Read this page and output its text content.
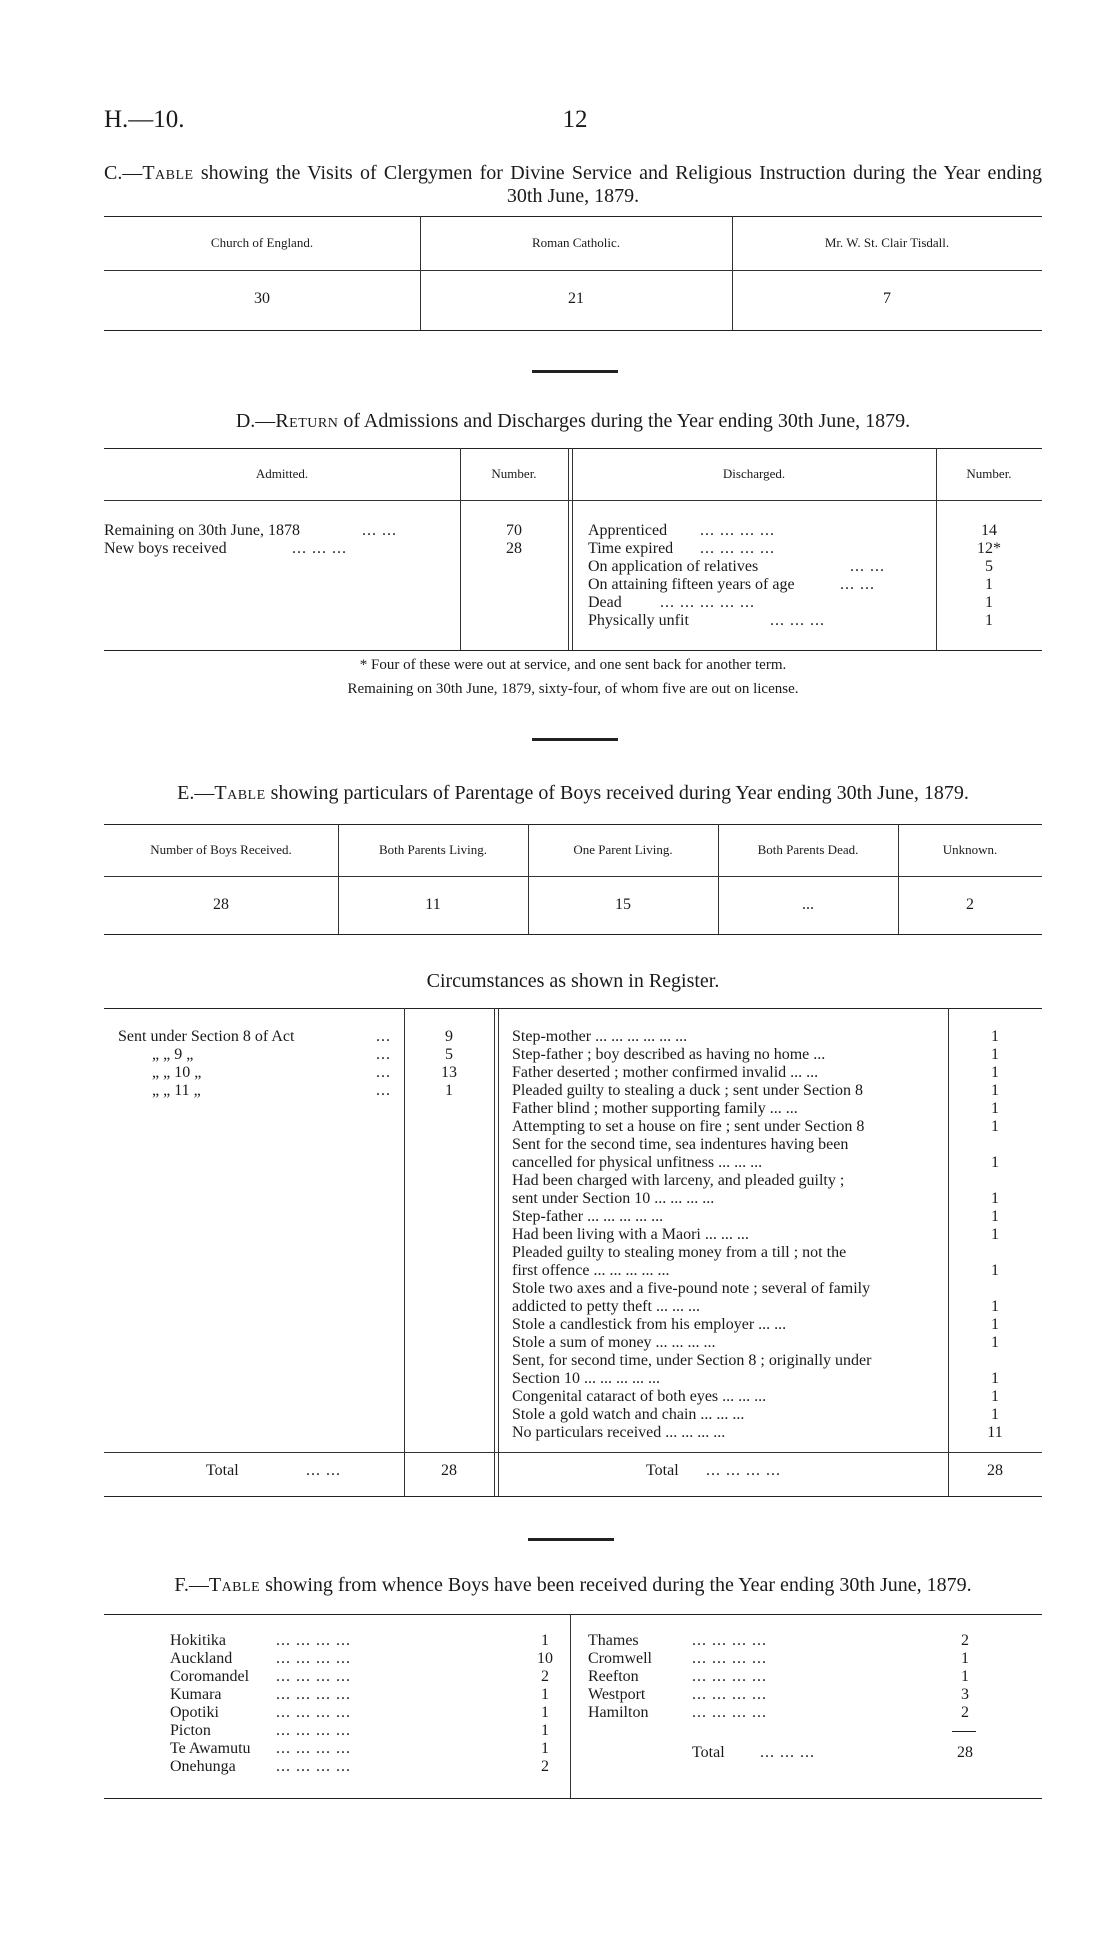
H.—10.	12
C.—Table showing the Visits of Clergymen for Divine Service and Religious Instruction during the Year ending 30th June, 1879.
Church of England.	Roman Catholic.	Mr. W. St. Clair Tisdall.
30	21	7
D.—Return of Admissions and Discharges during the Year ending 30th June, 1879.
Admitted.	Number.	Discharged.	Number.
Remaining on 30th June, 1878	... ...	70
New boys received	... ... ...	28
Apprenticed ... ... ... ...	14
Time expired ... ... ... ...	12*
On application of relatives	... ...	5
On attaining fifteen years of age	... ...	1
Dead ... ... ... ... ...	1
Physically unfit	... ... ...	1
* Four of these were out at service, and one sent back for another term.
Remaining on 30th June, 1879, sixty-four, of whom five are out on license.
E.—Table showing particulars of Parentage of Boys received during Year ending 30th June, 1879.
Number of Boys Received.	Both Parents Living.	One Parent Living.	Both Parents Dead.	Unknown.
28	11	15	...	2
Circumstances as shown in Register.
Sent under Section 8 of Act	...	9
„ „ 9 „	...	5
„ „ 10 „	...	13
„ „ 11 „	...	1
Total	... ...	28
Step-mother ... ... ... ... ... ...	1
Step-father ; boy described as having no home ...	1
Father deserted ; mother confirmed invalid ... ...	1
Pleaded guilty to stealing a duck ; sent under Section 8	1
Father blind ; mother supporting family ... ...	1
Attempting to set a house on fire ; sent under Section 8	1
Sent for the second time, sea indentures having been
cancelled for physical unfitness ... ... ...	1
Had been charged with larceny, and pleaded guilty ;
sent under Section 10 ... ... ... ...	1
Step-father ... ... ... ... ...	1
Had been living with a Maori ... ... ...	1
Pleaded guilty to stealing money from a till ; not the
first offence ... ... ... ... ...	1
Stole two axes and a five-pound note ; several of family
addicted to petty theft ... ... ...	1
Stole a candlestick from his employer ... ...	1
Stole a sum of money ... ... ... ...	1
Sent, for second time, under Section 8 ; originally under
Section 10 ... ... ... ... ...	1
Congenital cataract of both eyes ... ... ...	1
Stole a gold watch and chain ... ... ...	1
No particulars received ... ... ... ...	11
Total ... ... ... ...	28
F.—Table showing from whence Boys have been received during the Year ending 30th June, 1879.
Hokitika	... ... ... ...	1
Auckland	... ... ... ...	10
Coromandel ... ... ... ...	2
Kumara	... ... ... ...	1
Opotiki	... ... ... ...	1
Picton	... ... ... ...	1
Te Awamutu ... ... ... ...	1
Onehunga	... ... ... ...	2
Thames	... ... ... ...	2
Cromwell	... ... ... ...	1
Reefton	... ... ... ...	1
Westport	... ... ... ...	3
Hamilton	... ... ... ...	2
Total ... ... ...	28
